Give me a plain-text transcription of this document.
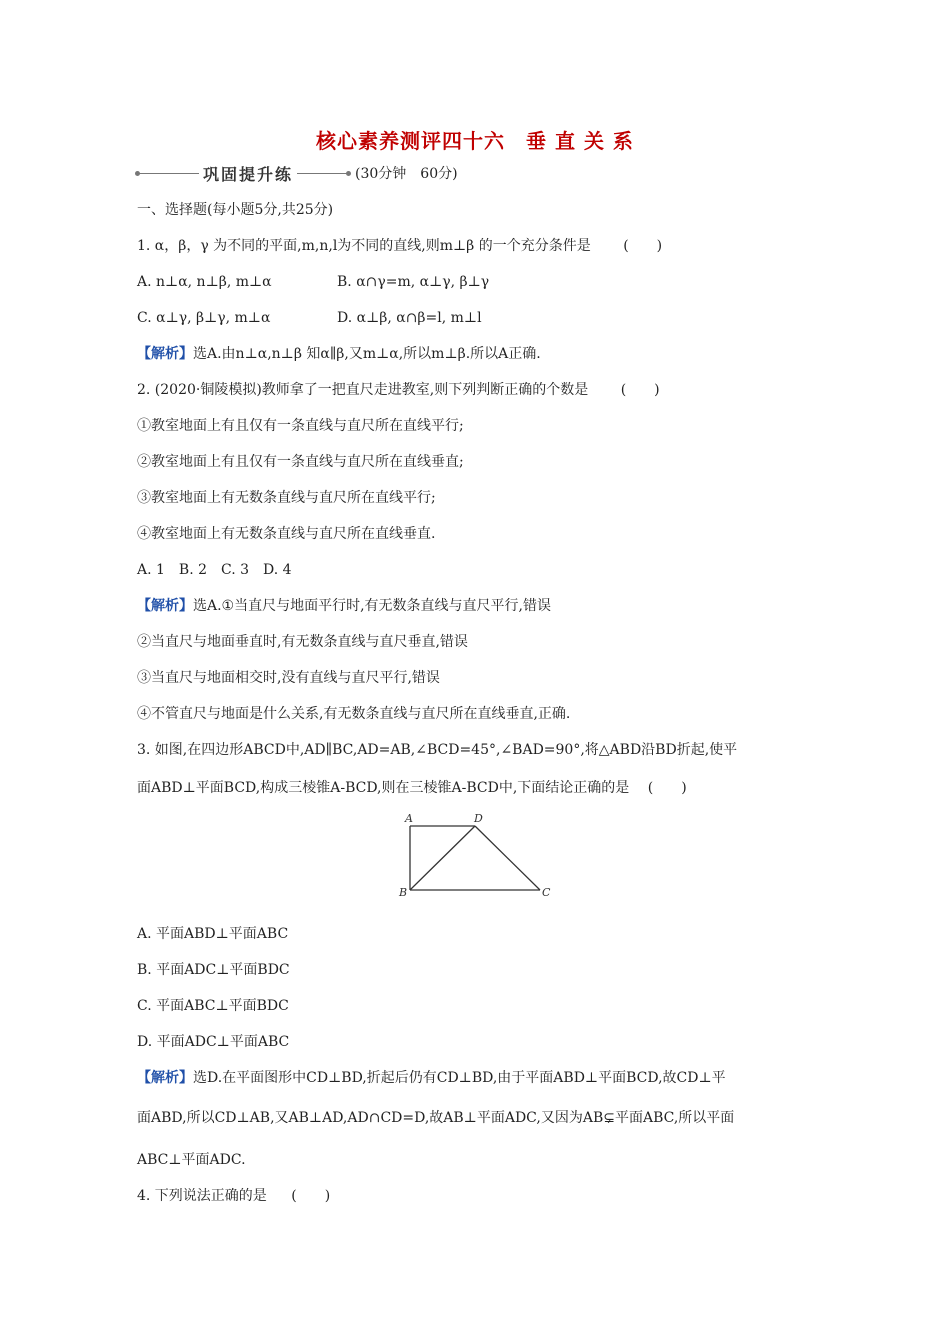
核心素养测评四十六　垂 直 关 系
巩固提升练	(30分钟　60分)
一、选择题(每小题5分,共25分)
1. α，β，γ 为不同的平面,m,n,l为不同的直线,则m⊥β 的一个充分条件是 (　　)
A. n⊥α, n⊥β, m⊥α	B. α∩γ=m, α⊥γ, β⊥γ
C. α⊥γ, β⊥γ, m⊥α	D. α⊥β, α∩β=l, m⊥l
【解析】选A.由n⊥α,n⊥β 知α∥β,又m⊥α,所以m⊥β.所以A正确.
2. (2020·铜陵模拟)教师拿了一把直尺走进教室,则下列判断正确的个数是 (　　)
①教室地面上有且仅有一条直线与直尺所在直线平行;
②教室地面上有且仅有一条直线与直尺所在直线垂直;
③教室地面上有无数条直线与直尺所在直线平行;
④教室地面上有无数条直线与直尺所在直线垂直.
A. 1　B. 2　C. 3　D. 4
【解析】选A.①当直尺与地面平行时,有无数条直线与直尺平行,错误
②当直尺与地面垂直时,有无数条直线与直尺垂直,错误
③当直尺与地面相交时,没有直线与直尺平行,错误
④不管直尺与地面是什么关系,有无数条直线与直尺所在直线垂直,正确.
3. 如图,在四边形ABCD中,AD∥BC,AD=AB,∠BCD=45°,∠BAD=90°,将△ABD沿BD折起,使平
面ABD⊥平面BCD,构成三棱锥A-BCD,则在三棱锥A-BCD中,下面结论正确的是 (　　)
A	D
B	C
A. 平面ABD⊥平面ABC
B. 平面ADC⊥平面BDC
C. 平面ABC⊥平面BDC
D. 平面ADC⊥平面ABC
【解析】选D.在平面图形中CD⊥BD,折起后仍有CD⊥BD,由于平面ABD⊥平面BCD,故CD⊥平
面ABD,所以CD⊥AB,又AB⊥AD,AD∩CD=D,故AB⊥平面ADC,又因为AB⊊平面ABC,所以平面
ABC⊥平面ADC.
4. 下列说法正确的是 (　　)
